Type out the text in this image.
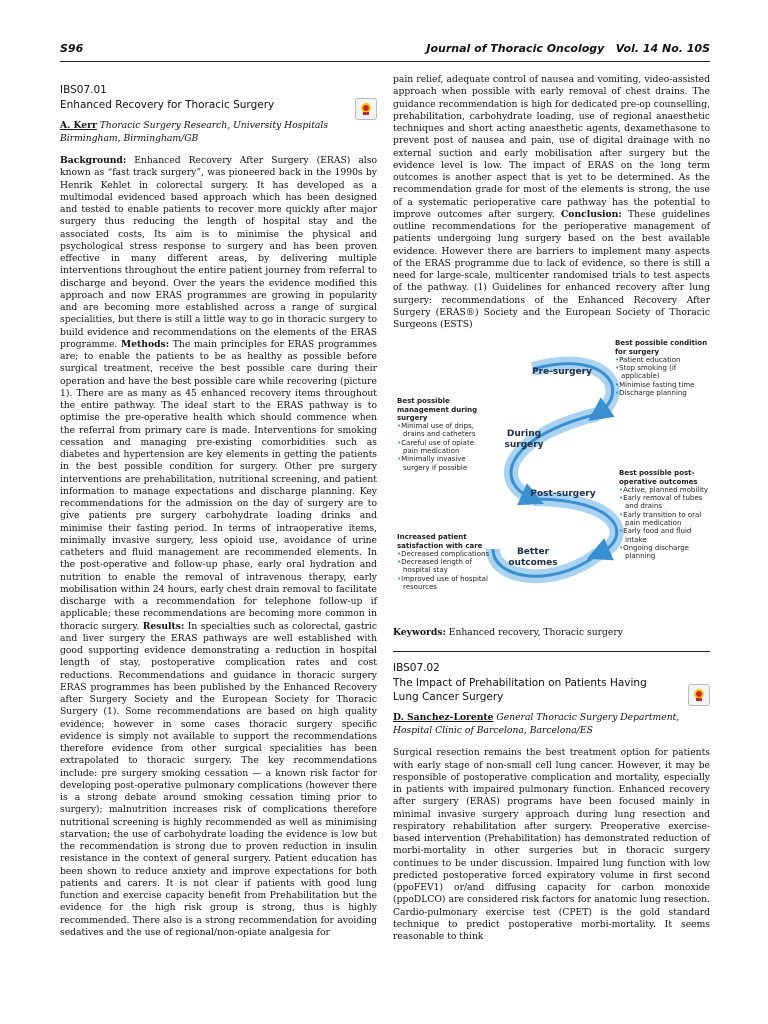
S96	Journal of Thoracic Oncology   Vol. 14 No. 10S
IBS07.01
Enhanced Recovery for Thoracic Surgery
A. Kerr Thoracic Surgery Research, University Hospitals Birmingham, Birmingham/GB

Background: Enhanced Recovery After Surgery (ERAS) also known as “fast track surgery”, was pioneered back in the 1990s by Henrik Kehlet in colorectal surgery. It has developed as a multimodal evidenced based approach which has been designed and tested to enable patients to recover more quickly after major surgery thus reducing the length of hospital stay and the associated costs, Its aim is to minimise the physical and psychological stress response to surgery and has been proven effective in many different areas, by delivering multiple interventions throughout the entire patient journey from referral to discharge and beyond. Over the years the evidence modified this approach and now ERAS programmes are growing in popularity and are becoming more established across a range of surgical specialities, but there is still a little way to go in thoracic surgery to build evidence and recommendations on the elements of the ERAS programme. Methods: The main principles for ERAS programmes are; to enable the patients to be as healthy as possible before surgical treatment, receive the best possible care during their operation and have the best possible care while recovering (picture 1). There are as many as 45 enhanced recovery items throughout the entire pathway. The ideal start to the ERAS pathway is to optimise the pre-operative health which should commence when the referral from primary care is made. Interventions for smoking cessation and managing pre-existing comorbidities such as diabetes and hypertension are key elements in getting the patients in the best possible condition for surgery. Other pre surgery interventions are prehabilitation, nutritional screening, and patient information to manage expectations and discharge planning. Key recommendations for the admission on the day of surgery are to give patients pre surgery carbohydrate loading drinks and minimise their fasting period. In terms of intraoperative items, minimally invasive surgery, less opioid use, avoidance of urine catheters and fluid management are recommended elements. In the post-operative and follow-up phase, early oral hydration and nutrition to enable the removal of intravenous therapy, early mobilisation within 24 hours, early chest drain removal to facilitate discharge with a recommendation for telephone follow-up if applicable; these recommendations are becoming more common in thoracic surgery. Results: In specialties such as colorectal, gastric and liver surgery the ERAS pathways are well established with good supporting evidence demonstrating a reduction in hospital length of stay, postoperative complication rates and cost reductions. Recommendations and guidance in thoracic surgery ERAS programmes has been published by the Enhanced Recovery after Surgery Society and the European Society for Thoracic Surgery (1). Some recommendations are based on high quality evidence; however in some cases thoracic surgery specific evidence is simply not available to support the recommendations therefore evidence from other surgical specialities has been extrapolated to thoracic surgery. The key recommendations include: pre surgery smoking cessation — a known risk factor for developing post-operative pulmonary complications (however there is a strong debate around smoking cessation timing prior to surgery); malnutrition increases risk of complications therefore nutritional screening is highly recommended as well as minimising starvation; the use of carbohydrate loading the evidence is low but the recommendation is strong due to proven reduction in insulin resistance in the context of general surgery. Patient education has been shown to reduce anxiety and improve expectations for both patients and carers. It is not clear if patients with good lung function and exercise capacity benefit from Prehabilitation but the evidence for the high risk group is strong, thus is highly recommended. There also is a strong recommendation for avoiding sedatives and the use of regional/non-opiate analgesia for

pain relief, adequate control of nausea and vomiting, video-assisted approach when possible with early removal of chest drains. The guidance recommendation is high for dedicated pre-op counselling, prehabilitation, carbohydrate loading, use of regional anaesthetic techniques and short acting anaesthetic agents, dexamethasone to prevent post of nausea and pain, use of digital drainage with no external suction and early mobilisation after surgery but the evidence level is low. The impact of ERAS on the long term outcomes is another aspect that is yet to be determined. As the recommendation grade for most of the elements is strong, the use of a systematic perioperative care pathway has the potential to improve outcomes after surgery. Conclusion: These guidelines outline recommendations for the perioperative management of patients undergoing lung surgery based on the best available evidence. However there are barriers to implement many aspects of the ERAS programme due to lack of evidence, so there is still a need for large-scale, multicenter randomised trials to test aspects of the pathway. (1) Guidelines for enhanced recovery after lung surgery: recommendations of the Enhanced Recovery After Surgery (ERAS®) Society and the European Society of Thoracic Surgeons (ESTS)

Pre-surgery
During surgery
Post-surgery
Better outcomes
Best possible condition for surgery
• Patient education
• Stop smoking (if applicable)
• Minimise fasting time
• Discharge planning
Best possible management during surgery
• Minimal use of drips, drains and catheters
• Careful use of opiate pain medication
• Minimally invasive surgery if possible
Best possible post-operative outcomes
• Active, planned mobility
• Early removal of tubes and drains
• Early transition to oral pain medication
• Early food and fluid intake
• Ongoing discharge planning
Increased patient satisfaction with care
• Decreased complications
• Decreased length of hospital stay
• Improved use of hospital resources
Keywords: Enhanced recovery, Thoracic surgery
IBS07.02
The Impact of Prehabilitation on Patients Having Lung Cancer Surgery
D. Sanchez-Lorente General Thoracic Surgery Department, Hospital Clinic of Barcelona, Barcelona/ES

Surgical resection remains the best treatment option for patients with early stage of non-small cell lung cancer. However, it may be responsible of postoperative complication and mortality, especially in patients with impaired pulmonary function. Enhanced recovery after surgery (ERAS) programs have been focused mainly in minimal invasive surgery approach during lung resection and respiratory rehabilitation after surgery. Preoperative exercise-based intervention (Prehabilitation) has demonstrated reduction of morbi-mortality in other surgeries but in thoracic surgery continues to be under discussion. Impaired lung function with low predicted postoperative forced expiratory volume in first second (ppoFEV1) or/and diffusing capacity for carbon monoxide (ppoDLCO) are considered risk factors for anatomic lung resection. Cardio-pulmonary exercise test (CPET) is the gold standard technique to predict postoperative morbi-mortality. It seems reasonable to think
